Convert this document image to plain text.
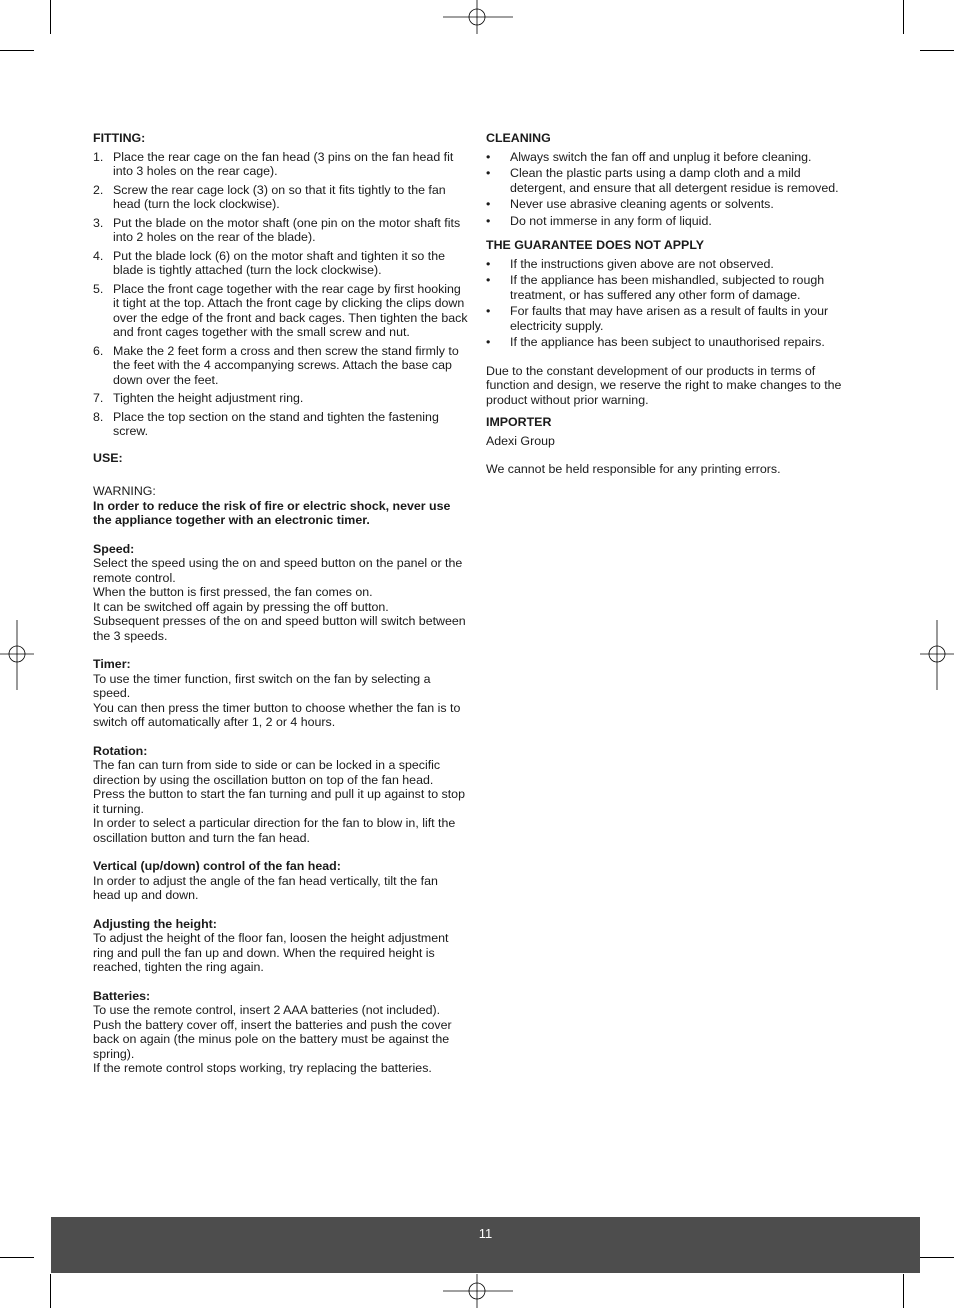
FITTING:

1. Place the rear cage on the fan head (3 pins on the fan head fit into 3 holes on the rear cage).
2. Screw the rear cage lock (3) on so that it fits tightly to the fan head (turn the lock clockwise).
3. Put the blade on the motor shaft (one pin on the motor shaft fits into 2 holes on the rear of the blade).
4. Put the blade lock (6) on the motor shaft and tighten it so the blade is tightly attached (turn the lock clockwise).
5. Place the front cage together with the rear cage by first hooking it tight at the top. Attach the front cage by clicking the clips down over the edge of the front and back cages. Then tighten the back and front cages together with the small screw and nut.
6. Make the 2 feet form a cross and then screw the stand firmly to the feet with the 4 accompanying screws. Attach the base cap down over the feet.
7. Tighten the height adjustment ring.
8. Place the top section on the stand and tighten the fastening screw.

USE:

WARNING:

In order to reduce the risk of fire or electric shock, never use the appliance together with an electronic timer.

Speed:

Select the speed using the on and speed button on the panel or the remote control.

When the button is first pressed, the fan comes on.

It can be switched off again by pressing the off button.

Subsequent presses of the on and speed button will switch between the 3 speeds.

Timer:

To use the timer function, first switch on the fan by selecting a speed.

You can then press the timer button to choose whether the fan is to switch off automatically after 1, 2 or 4 hours.

Rotation:

The fan can turn from side to side or can be locked in a specific direction by using the oscillation button on top of the fan head. Press the button to start the fan turning and pull it up against to stop it turning.

In order to select a particular direction for the fan to blow in, lift the oscillation button and turn the fan head.

Vertical (up/down) control of the fan head:

In order to adjust the angle of the fan head vertically, tilt the fan head up and down.

Adjusting the height:

To adjust the height of the floor fan, loosen the height adjustment ring and pull the fan up and down. When the required height is reached, tighten the ring again.

Batteries:

To use the remote control, insert 2 AAA batteries (not included). Push the battery cover off, insert the batteries and push the cover back on again (the minus pole on the battery must be against the spring).

If the remote control stops working, try replacing the batteries.

CLEANING

• Always switch the fan off and unplug it before cleaning.
• Clean the plastic parts using a damp cloth and a mild detergent, and ensure that all detergent residue is removed.
• Never use abrasive cleaning agents or solvents.
• Do not immerse in any form of liquid.

THE GUARANTEE DOES NOT APPLY

• If the instructions given above are not observed.
• If the appliance has been mishandled, subjected to rough treatment, or has suffered any other form of damage.
• For faults that may have arisen as a result of faults in your electricity supply.
• If the appliance has been subject to unauthorised repairs.

Due to the constant development of our products in terms of function and design, we reserve the right to make changes to the product without prior warning.

IMPORTER

Adexi Group

We cannot be held responsible for any printing errors.

11
